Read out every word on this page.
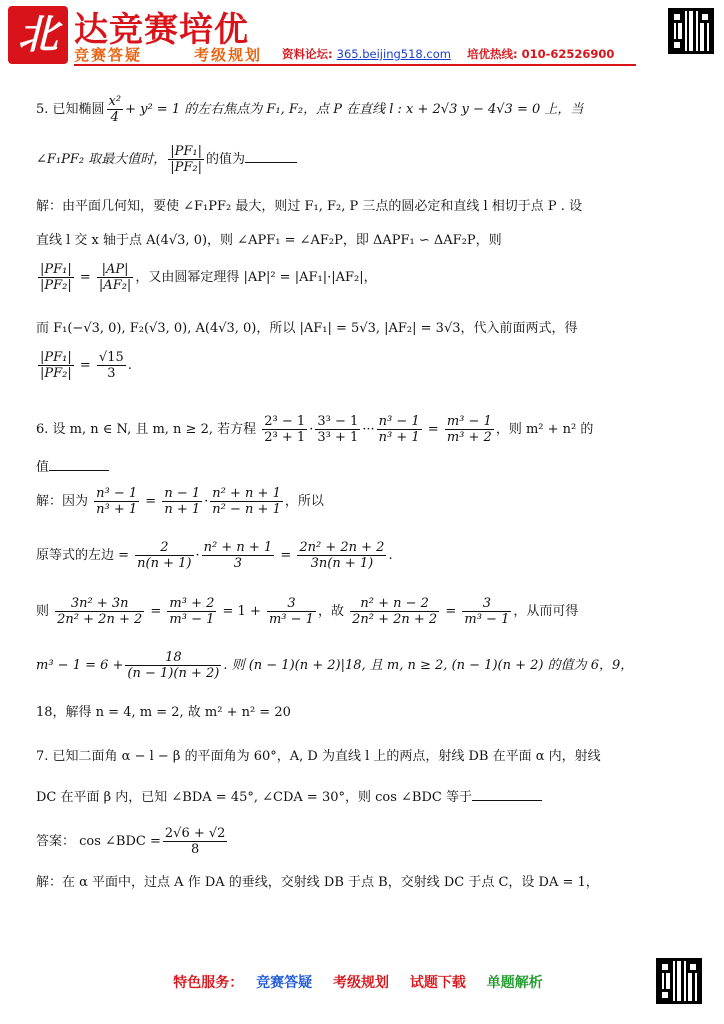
北 达竞赛培优
竞赛答疑	考级规划 资料论坛: 365.beijing518.com 培优热线: 010-62526900
5. 已知椭圆 $\frac{\text{x²}}{4} + y^2 = 1$ 的左右焦点为 F₁, F₂，点 P 在直线 l : x + 2√3 y − 4√3 = 0 上，当
∠F₁PF₂ 取最大值时， $\frac{\text{|PF₁|}}{\text{|PF₂|}}$ 的值为
解：由平面几何知，要使 ∠F₁PF₂ 最大，则过 F₁, F₂, P 三点的圆必定和直线 l 相切于点 P . 设
直线 l 交 x 轴于点 A(4√3, 0)，则 ∠APF₁ = ∠AF₂P，即 ΔAPF₁ ∽ ΔAF₂P，则
$\frac{\text{|PF₁|}}{\text{|PF₂|}} = \frac{|AP|}{\text{|AF₂|}}$ ，又由圆幂定理得 |AP|² = |AF₁|·|AF₂|，
而 F₁(−√3, 0), F₂(√3, 0), A(4√3, 0)，所以 |AF₁| = 5√3, |AF₂| = 3√3，代入前面两式，得
$\frac{\text{|PF₁|}}{\text{|PF₂|}} = \frac{√15}{3}$ .
6. 设 m, n ∈ N, 且 m, n ≥ 2, 若方程 $\frac{\text{2³ − 1}}{\text{2³ + 1}} \cdot \frac{\text{3³ − 1}}{\text{3³ + 1}}$ ··· $\frac{\text{n³ − 1}}{\text{n³ + 1}} = \frac{\text{m³ − 1}}{\text{m³ + 2}}$ ，则 m² + n² 的
值
解：因为 $\frac{\text{n³ − 1}}{\text{n³ + 1}} = \frac{n - 1}{n + 1} \cdot \frac{\text{n² + n + 1}}{\text{n² − n + 1}}$ ，所以
原等式的左边 = $\frac{2}{n(n + 1)} \cdot \frac{\text{n² + n + 1}}{3} = \frac{\text{2n² + 2n + 2}}{3n(n + 1)}$ .
则 $\frac{\text{3n² + 3n}}{\text{2n² + 2n + 2}} = \frac{\text{m³ + 2}}{\text{m³ − 1}} = 1 + \frac{3}{\text{m³ − 1}}$ ，故 $\frac{\text{n² + n − 2}}{\text{2n² + 2n + 2}} = \frac{3}{\text{m³ − 1}}$ ，从而可得
$m^3 - 1 = 6 + \frac{18}{(n - 1)(n + 2)}$ . 则 (n − 1)(n + 2)|18, 且 m, n ≥ 2, (n − 1)(n + 2) 的值为 6，9，
18，解得 n = 4, m = 2, 故 m² + n² = 20
7. 已知二面角 α − l − β 的平面角为 60°，A, D 为直线 l 上的两点，射线 DB 在平面 α 内，射线
DC 在平面 β 内，已知 ∠BDA = 45°, ∠CDA = 30°，则 cos ∠BDC 等于
答案： cos ∠BDC = $\frac{2√6 + √2}{8}$
解：在 α 平面中，过点 A 作 DA 的垂线，交射线 DB 于点 B，交射线 DC 于点 C，设 DA = 1，
特色服务： 竞赛答疑 考级规划 试题下载 单题解析
